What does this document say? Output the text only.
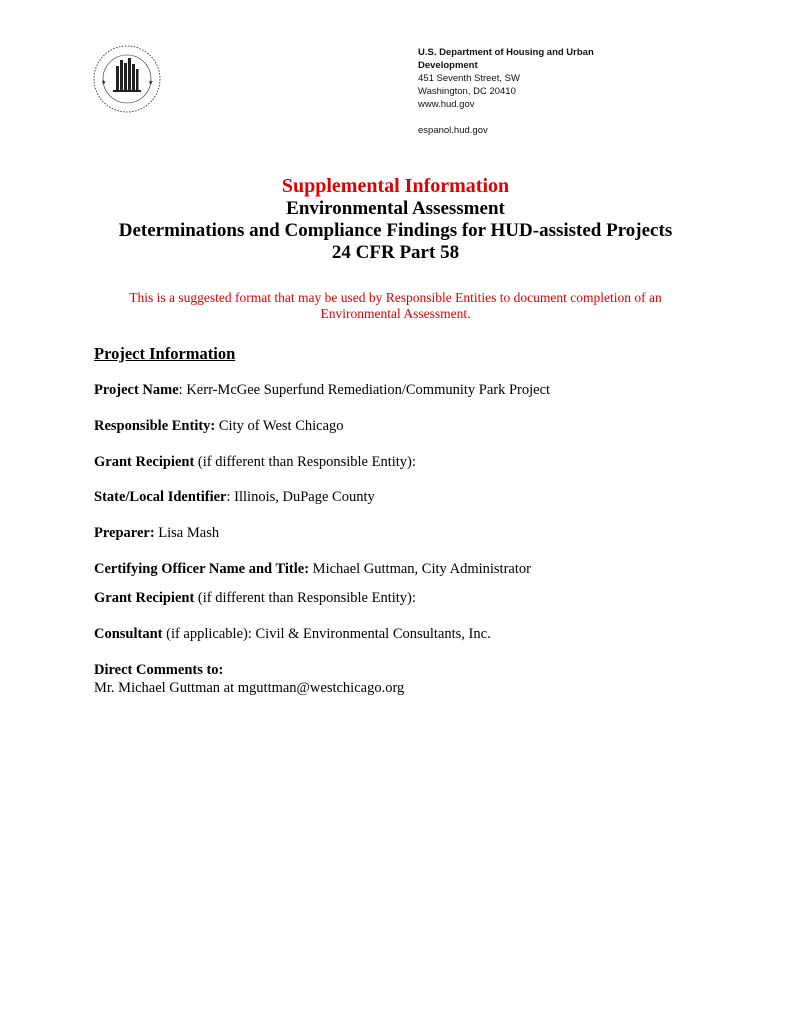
★	★
U.S. Department of Housing and Urban
Development
451 Seventh Street, SW
Washington, DC 20410
www.hud.gov
espanol.hud.gov
Supplemental Information
Environmental Assessment
Determinations and Compliance Findings for HUD-assisted Projects
24 CFR Part 58
This is a suggested format that may be used by Responsible Entities to document completion of an Environmental Assessment.
Project Information
Project Name: Kerr-McGee Superfund Remediation/Community Park Project
Responsible Entity: City of West Chicago
Grant Recipient (if different than Responsible Entity):
State/Local Identifier: Illinois, DuPage County
Preparer: Lisa Mash
Certifying Officer Name and Title: Michael Guttman, City Administrator
Grant Recipient (if different than Responsible Entity):
Consultant (if applicable): Civil & Environmental Consultants, Inc.
Direct Comments to:
Mr. Michael Guttman at mguttman@westchicago.org
